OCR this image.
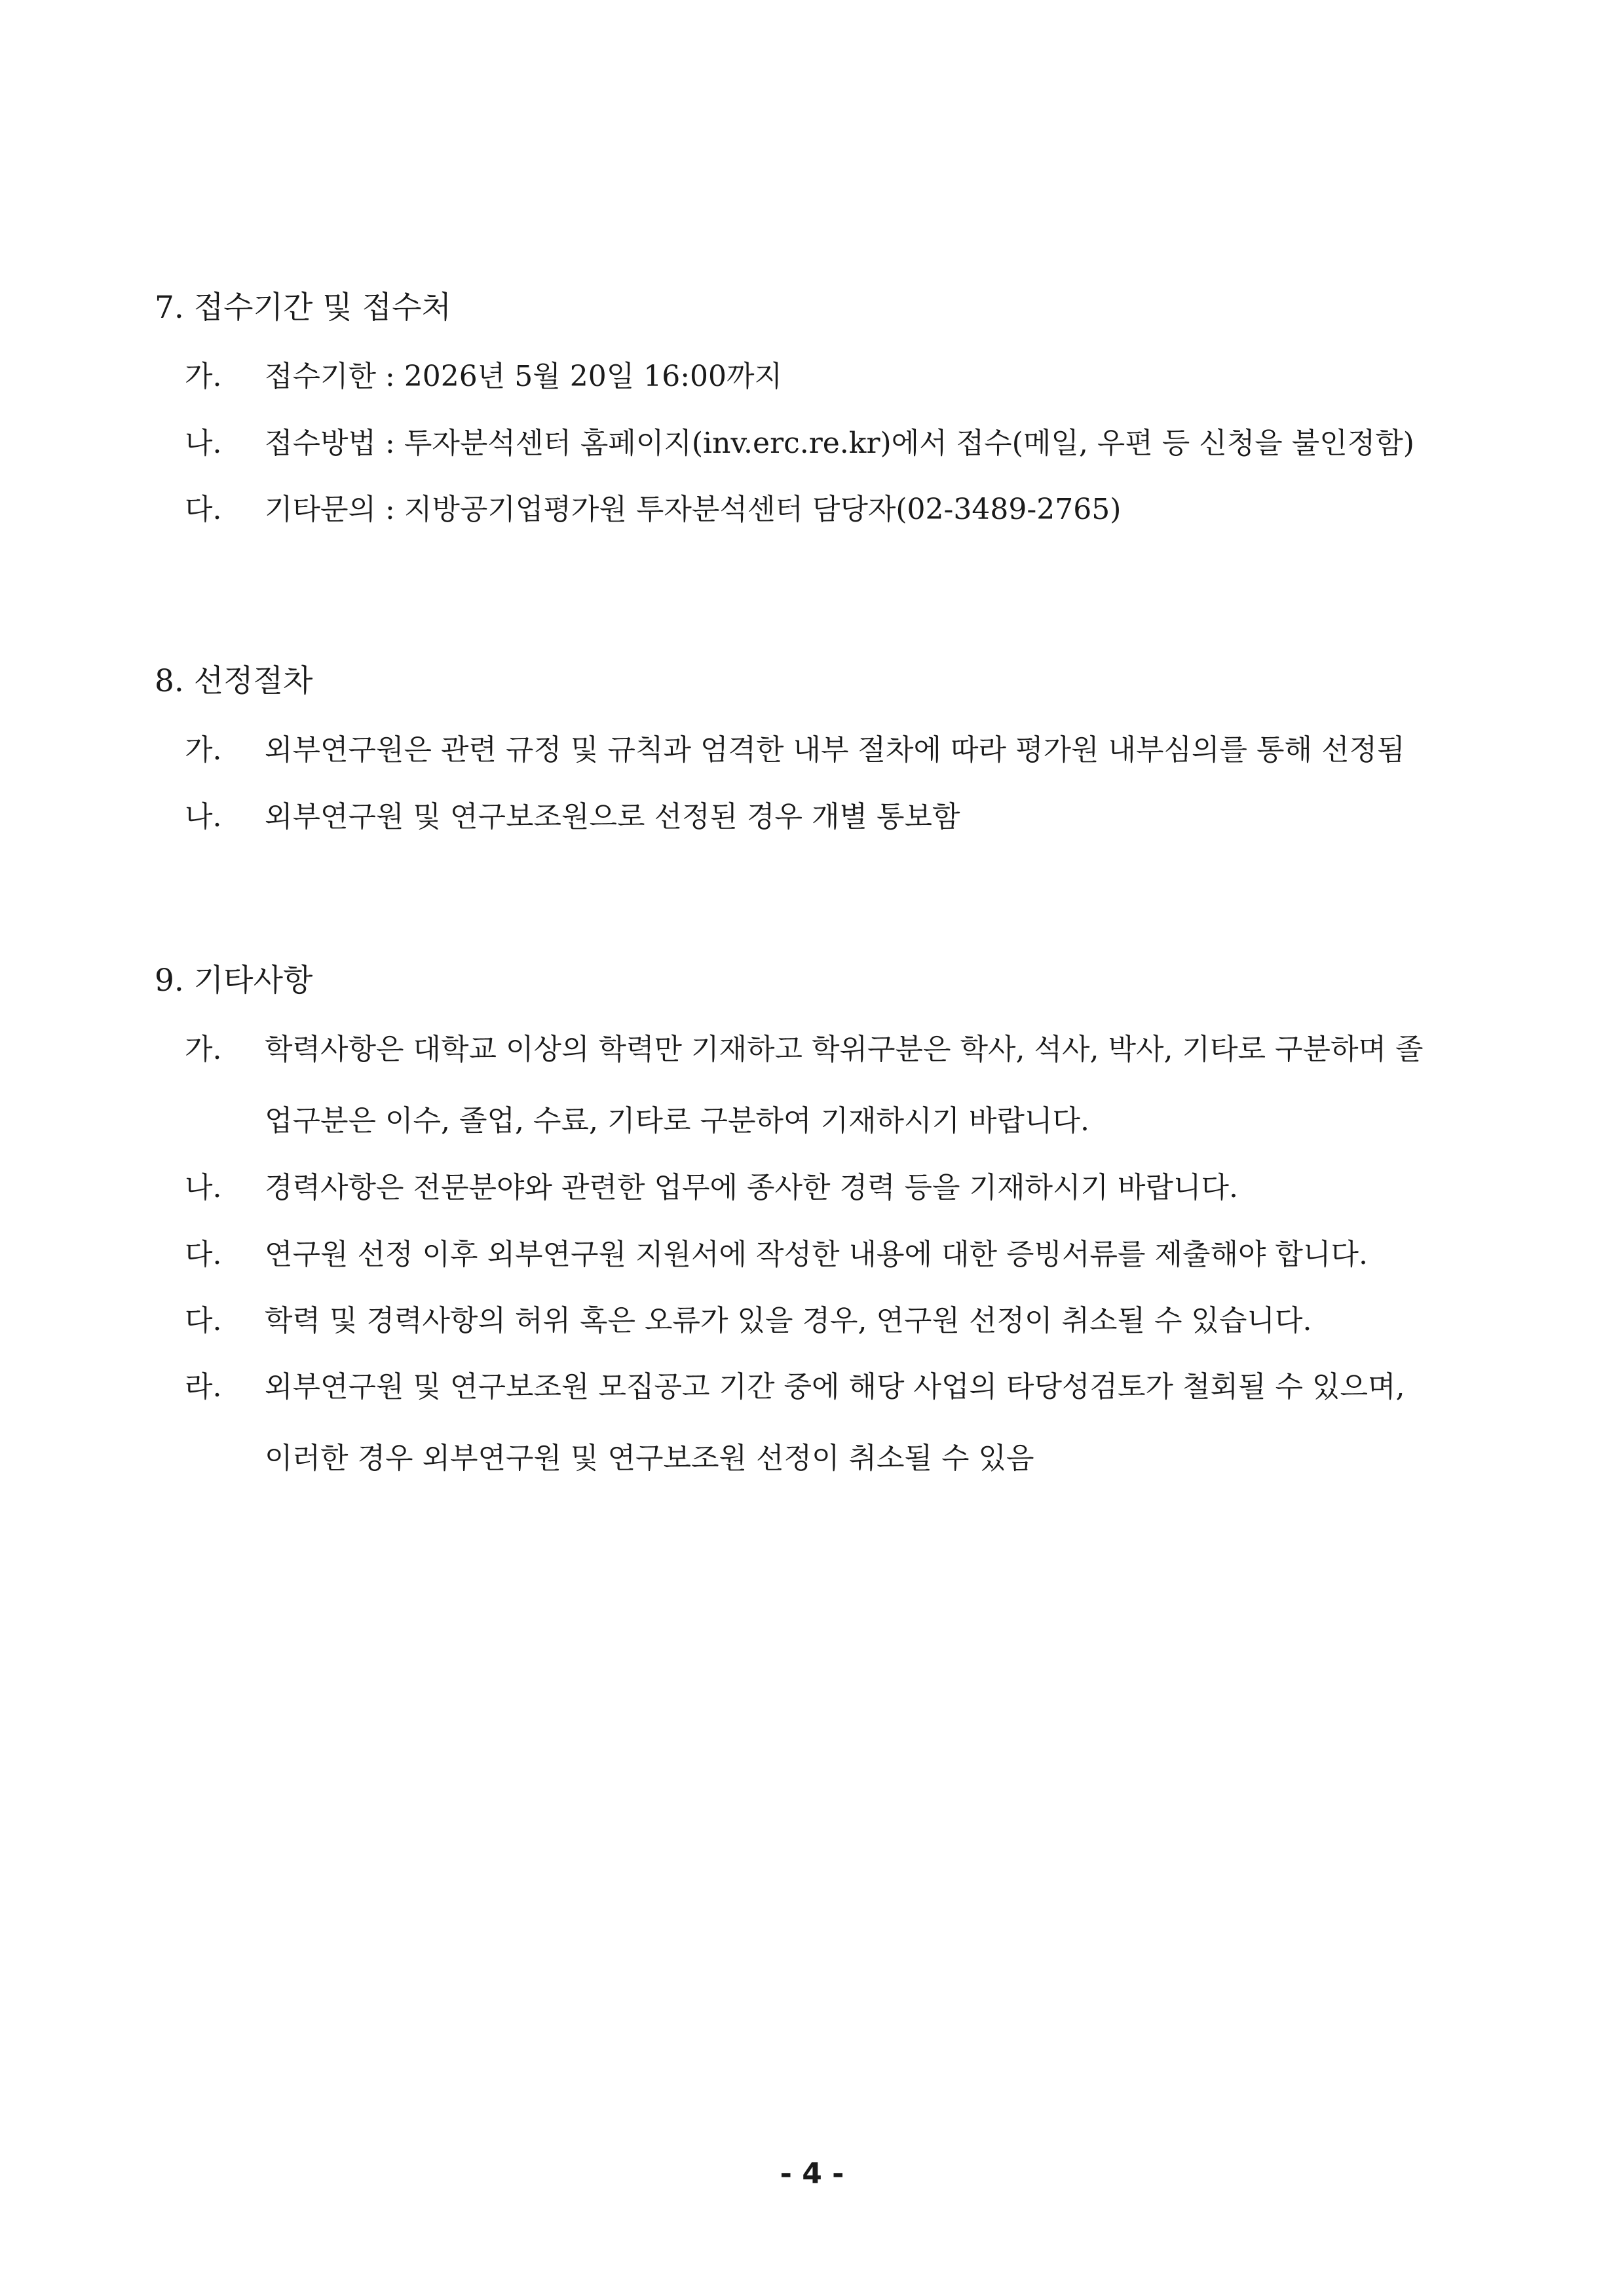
7. 접수기간 및 접수처
가. 접수기한 : 2026년 5월 20일 16:00까지
나. 접수방법 : 투자분석센터 홈페이지(inv.erc.re.kr)에서 접수(메일, 우편 등 신청을 불인정함)
다. 기타문의 : 지방공기업평가원 투자분석센터 담당자(02-3489-2765)
8. 선정절차
가. 외부연구원은 관련 규정 및 규칙과 엄격한 내부 절차에 따라 평가원 내부심의를 통해 선정됨
나. 외부연구원 및 연구보조원으로 선정된 경우 개별 통보함
9. 기타사항
가. 학력사항은 대학교 이상의 학력만 기재하고 학위구분은 학사, 석사, 박사, 기타로 구분하며 졸
업구분은 이수, 졸업, 수료, 기타로 구분하여 기재하시기 바랍니다.
나. 경력사항은 전문분야와 관련한 업무에 종사한 경력 등을 기재하시기 바랍니다.
다. 연구원 선정 이후 외부연구원 지원서에 작성한 내용에 대한 증빙서류를 제출해야 합니다.
다. 학력 및 경력사항의 허위 혹은 오류가 있을 경우, 연구원 선정이 취소될 수 있습니다.
라. 외부연구원 및 연구보조원 모집공고 기간 중에 해당 사업의 타당성검토가 철회될 수 있으며,
이러한 경우 외부연구원 및 연구보조원 선정이 취소될 수 있음
- 4 -
